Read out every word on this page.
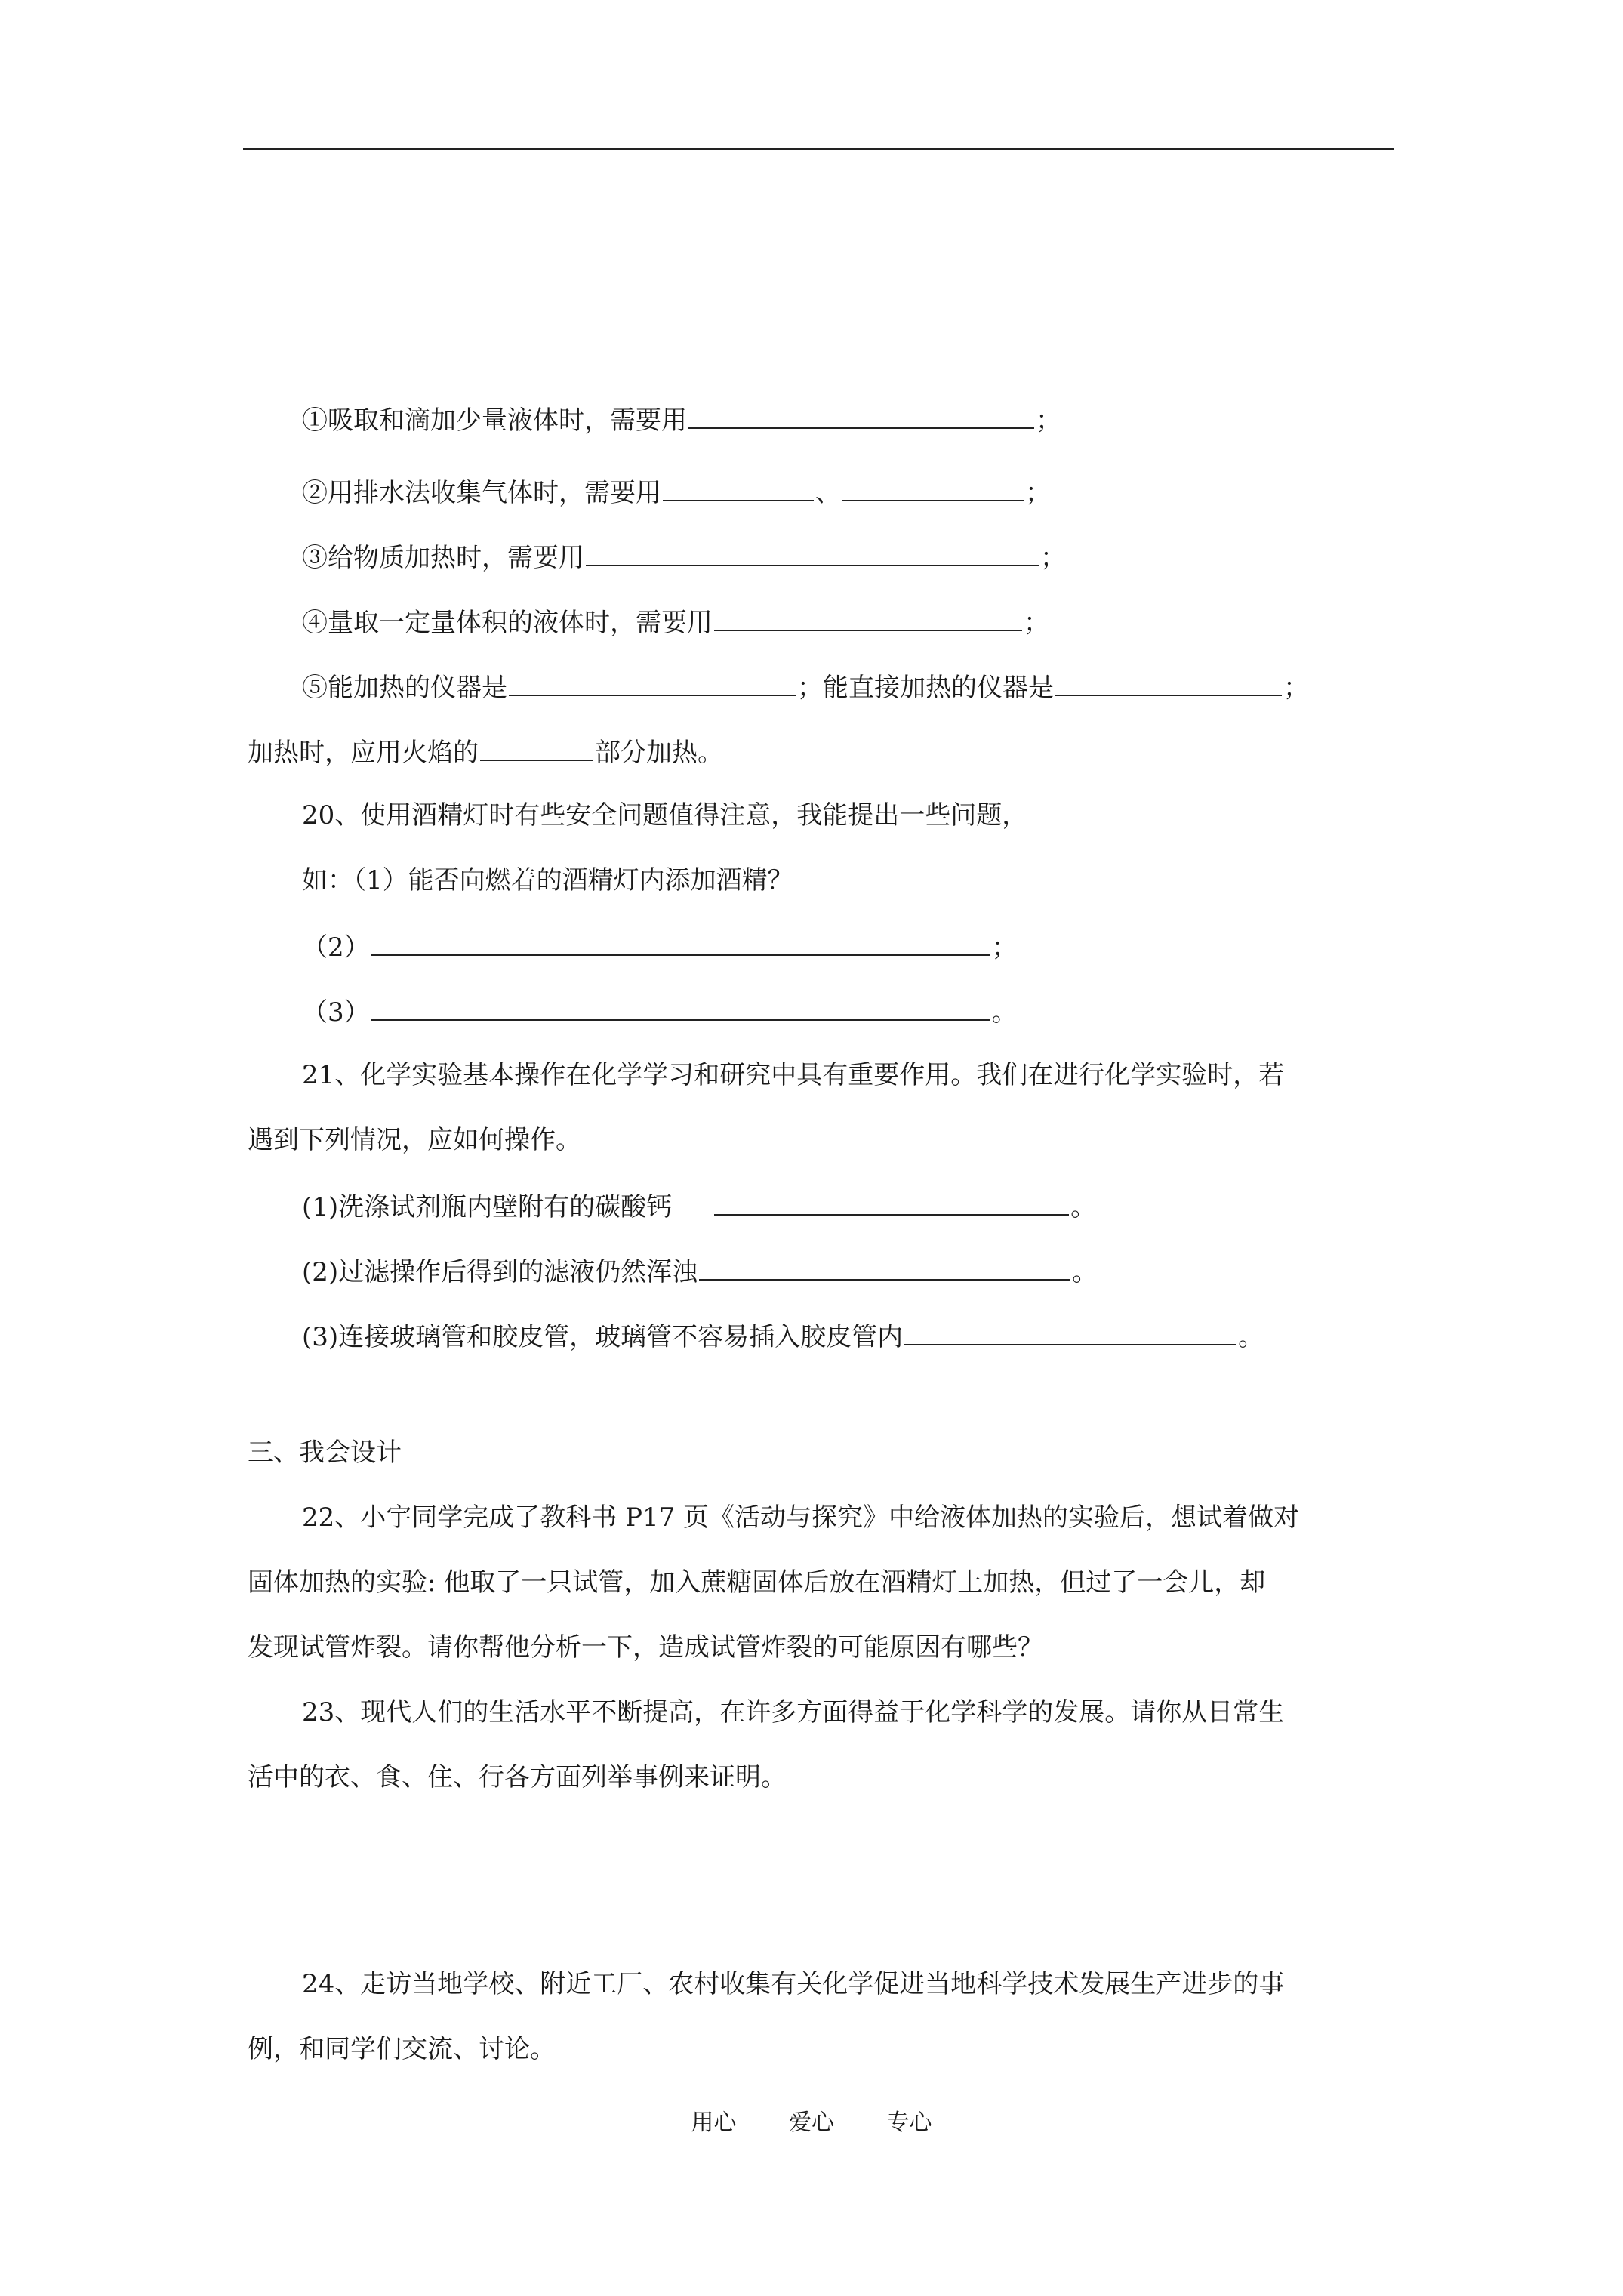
①吸取和滴加少量液体时，需要用	；
②用排水法收集气体时，需要用	、	；
③给物质加热时，需要用	；
④量取一定量体积的液体时，需要用	；
⑤能加热的仪器是	；能直接加热的仪器是	；
加热时，应用火焰的	部分加热。
20、使用酒精灯时有些安全问题值得注意，我能提出一些问题，
如：（1）能否向燃着的酒精灯内添加酒精？
（2）	；
（3）	。
21、化学实验基本操作在化学学习和研究中具有重要作用。我们在进行化学实验时，若
遇到下列情况，应如何操作。
(1)洗涤试剂瓶内壁附有的碳酸钙	。
(2)过滤操作后得到的滤液仍然浑浊	。
(3)连接玻璃管和胶皮管，玻璃管不容易插入胶皮管内	。
三、我会设计
22、小宇同学完成了教科书 P17 页《活动与探究》中给液体加热的实验后，想试着做对
固体加热的实验: 他取了一只试管，加入蔗糖固体后放在酒精灯上加热，但过了一会儿，却
发现试管炸裂。请你帮他分析一下，造成试管炸裂的可能原因有哪些？
23、现代人们的生活水平不断提高，在许多方面得益于化学科学的发展。请你从日常生
活中的衣、食、住、行各方面列举事例来证明。
24、走访当地学校、附近工厂、农村收集有关化学促进当地科学技术发展生产进步的事
例，和同学们交流、讨论。
用心 爱心 专心
